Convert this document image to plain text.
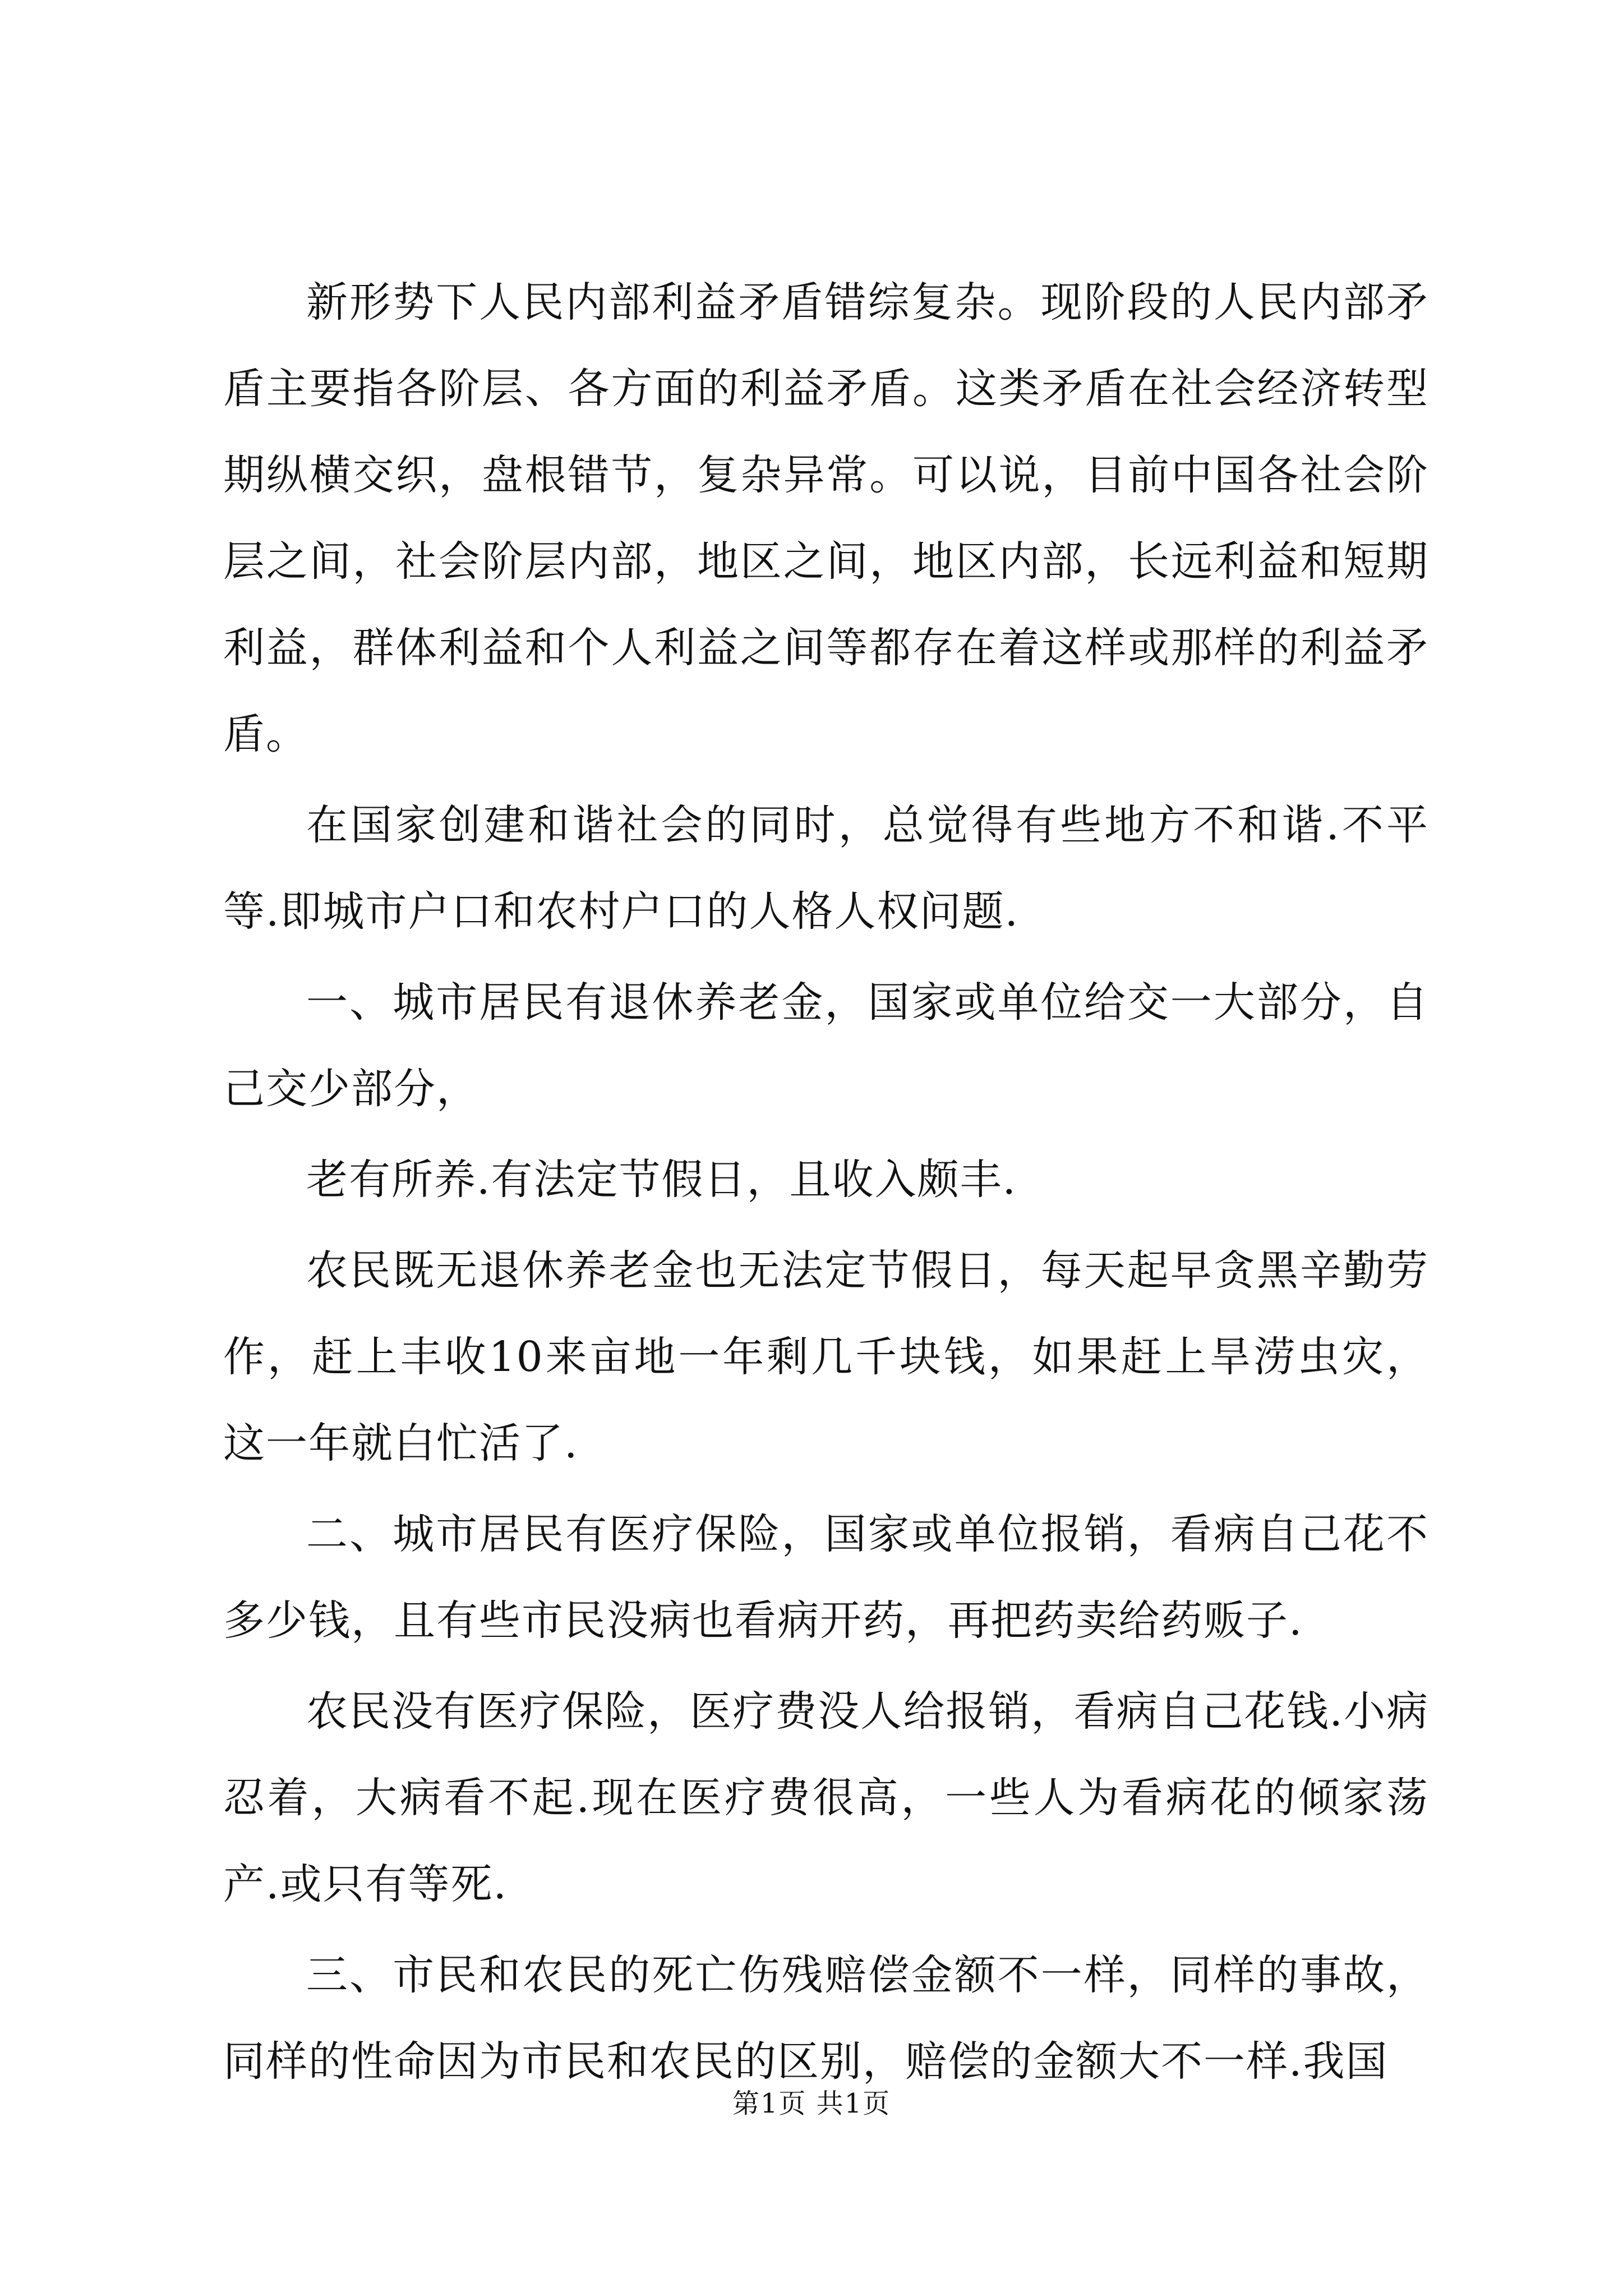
新形势下人民内部利益矛盾错综复杂。现阶段的人民内部矛盾主要指各阶层、各方面的利益矛盾。这类矛盾在社会经济转型期纵横交织，盘根错节，复杂异常。可以说，目前中国各社会阶层之间，社会阶层内部，地区之间，地区内部，长远利益和短期利益，群体利益和个人利益之间等都存在着这样或那样的利益矛盾。

在国家创建和谐社会的同时，总觉得有些地方不和谐.不平等.即城市户口和农村户口的人格人权问题.

一、城市居民有退休养老金，国家或单位给交一大部分，自己交少部分，

老有所养.有法定节假日，且收入颇丰.

农民既无退休养老金也无法定节假日，每天起早贪黑辛勤劳作，赶上丰收10来亩地一年剩几千块钱，如果赶上旱涝虫灾，这一年就白忙活了.

二、城市居民有医疗保险，国家或单位报销，看病自己花不多少钱，且有些市民没病也看病开药，再把药卖给药贩子.

农民没有医疗保险，医疗费没人给报销，看病自己花钱.小病忍着，大病看不起.现在医疗费很高，一些人为看病花的倾家荡产.或只有等死.

三、市民和农民的死亡伤残赔偿金额不一样，同样的事故，同样的性命因为市民和农民的区别，赔偿的金额大不一样.我国

第1页 共1页
